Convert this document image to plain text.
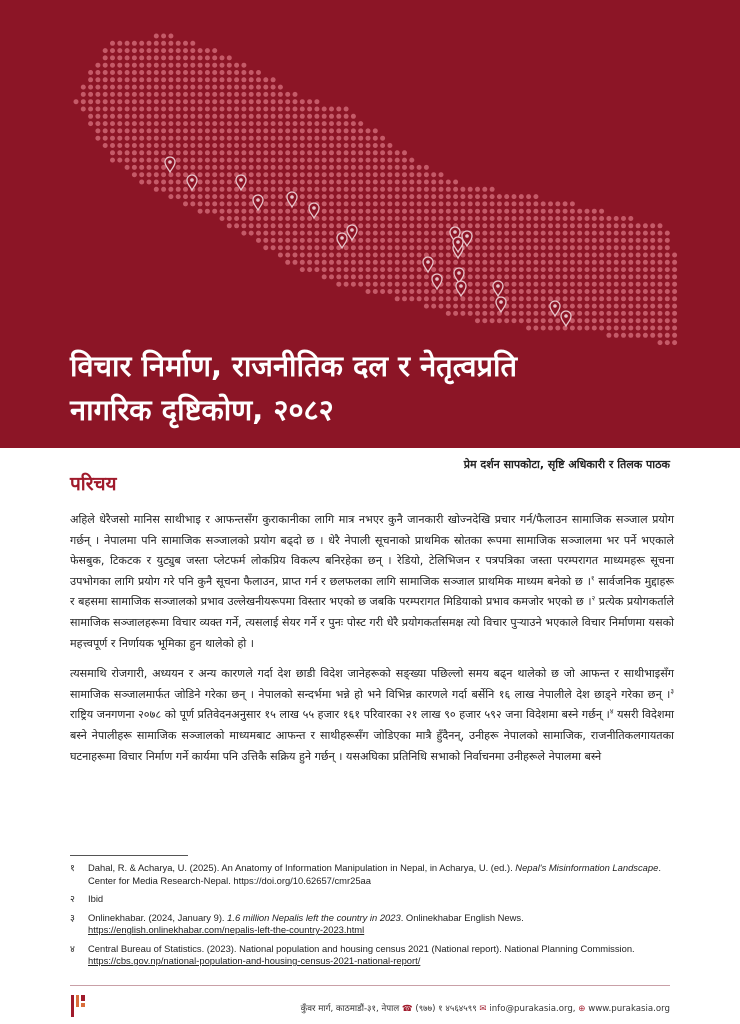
विचार निर्माण, राजनीतिक दल र नेतृत्वप्रति
नागरिक दृष्टिकोण, २०८२
प्रेम दर्शन सापकोटा, सृष्टि अधिकारी र तिलक पाठक
परिचय

अहिले धेरैजसो मानिस साथीभाइ र आफन्तसँग कुराकानीका लागि मात्र नभएर कुनै जानकारी खोज्नदेखि प्रचार गर्न/फैलाउन सामाजिक सञ्जाल प्रयोग गर्छन् । नेपालमा पनि सामाजिक सञ्जालको प्रयोग बढ्दो छ । धेरै नेपाली सूचनाको प्राथमिक स्रोतका रूपमा सामाजिक सञ्जालमा भर पर्ने भएकाले फेसबुक, टिकटक र युट्युब जस्ता प्लेटफर्म लोकप्रिय विकल्प बनिरहेका छन् । रेडियो, टेलिभिजन र पत्रपत्रिका जस्ता परम्परागत माध्यमहरू सूचना उपभोगका लागि प्रयोग गरे पनि कुनै सूचना फैलाउन, प्राप्त गर्न र छलफलका लागि सामाजिक सञ्जाल प्राथमिक माध्यम बनेको छ ।$^१$ सार्वजनिक मुद्दाहरू र बहसमा सामाजिक सञ्जालको प्रभाव उल्लेखनीयरूपमा विस्तार भएको छ जबकि परम्परागत मिडियाको प्रभाव कमजोर भएको छ ।$^२$ प्रत्येक प्रयोगकर्ताले सामाजिक सञ्जालहरूमा विचार व्यक्त गर्ने, त्यसलाई सेयर गर्ने र पुनः पोस्ट गरी धेरै प्रयोगकर्तासमक्ष त्यो विचार पुऱ्याउने भएकाले विचार निर्माणमा यसको महत्त्वपूर्ण र निर्णायक भूमिका हुन थालेको हो ।

त्यसमाथि रोजगारी, अध्ययन र अन्य कारणले गर्दा देश छाडी विदेश जानेहरूको सङ्ख्या पछिल्लो समय बढ्न थालेको छ जो आफन्त र साथीभाइसँग सामाजिक सञ्जालमार्फत जोडिने गरेका छन् । नेपालको सन्दर्भमा भन्ने हो भने विभिन्न कारणले गर्दा बर्सेनि १६ लाख नेपालीले देश छाड्ने गरेका छन् ।$^३$ राष्ट्रिय जनगणना २०७८ को पूर्ण प्रतिवेदनअनुसार १५ लाख ५५ हजार १६१ परिवारका २१ लाख ९० हजार ५९२ जना विदेशमा बस्ने गर्छन् ।$^४$ यसरी विदेशमा बस्ने नेपालीहरू सामाजिक सञ्जालको माध्यमबाट आफन्त र साथीहरूसँग जोडिएका मात्रै हुँदैनन्, उनीहरू नेपालको सामाजिक, राजनीतिकलगायतका घटनाहरूमा विचार निर्माण गर्ने कार्यमा पनि उत्तिकै सक्रिय हुने गर्छन् । यसअघिका प्रतिनिधि सभाको निर्वाचनमा उनीहरूले नेपालमा बस्ने

१	Dahal, R. & Acharya, U. (2025). An Anatomy of Information Manipulation in Nepal, in Acharya, U. (ed.). Nepal's Misinformation Landscape. Center for Media Research-Nepal. https://doi.org/10.62657/cmr25aa
२	Ibid
३	Onlinekhabar. (2024, January 9). 1.6 million Nepalis left the country in 2023. Onlinekhabar English News. https://english.onlinekhabar.com/nepalis-left-the-country-2023.html
४	Central Bureau of Statistics. (2023). National population and housing census 2021 (National report). National Planning Commission. https://cbs.gov.np/national-population-and-housing-census-2021-national-report/
कुँवर मार्ग, काठमाडौं-३१, नेपाल ☎ (९७७) १ ४५६४५९९ ✉ info@purakasia.org, ⊕ www.purakasia.org
